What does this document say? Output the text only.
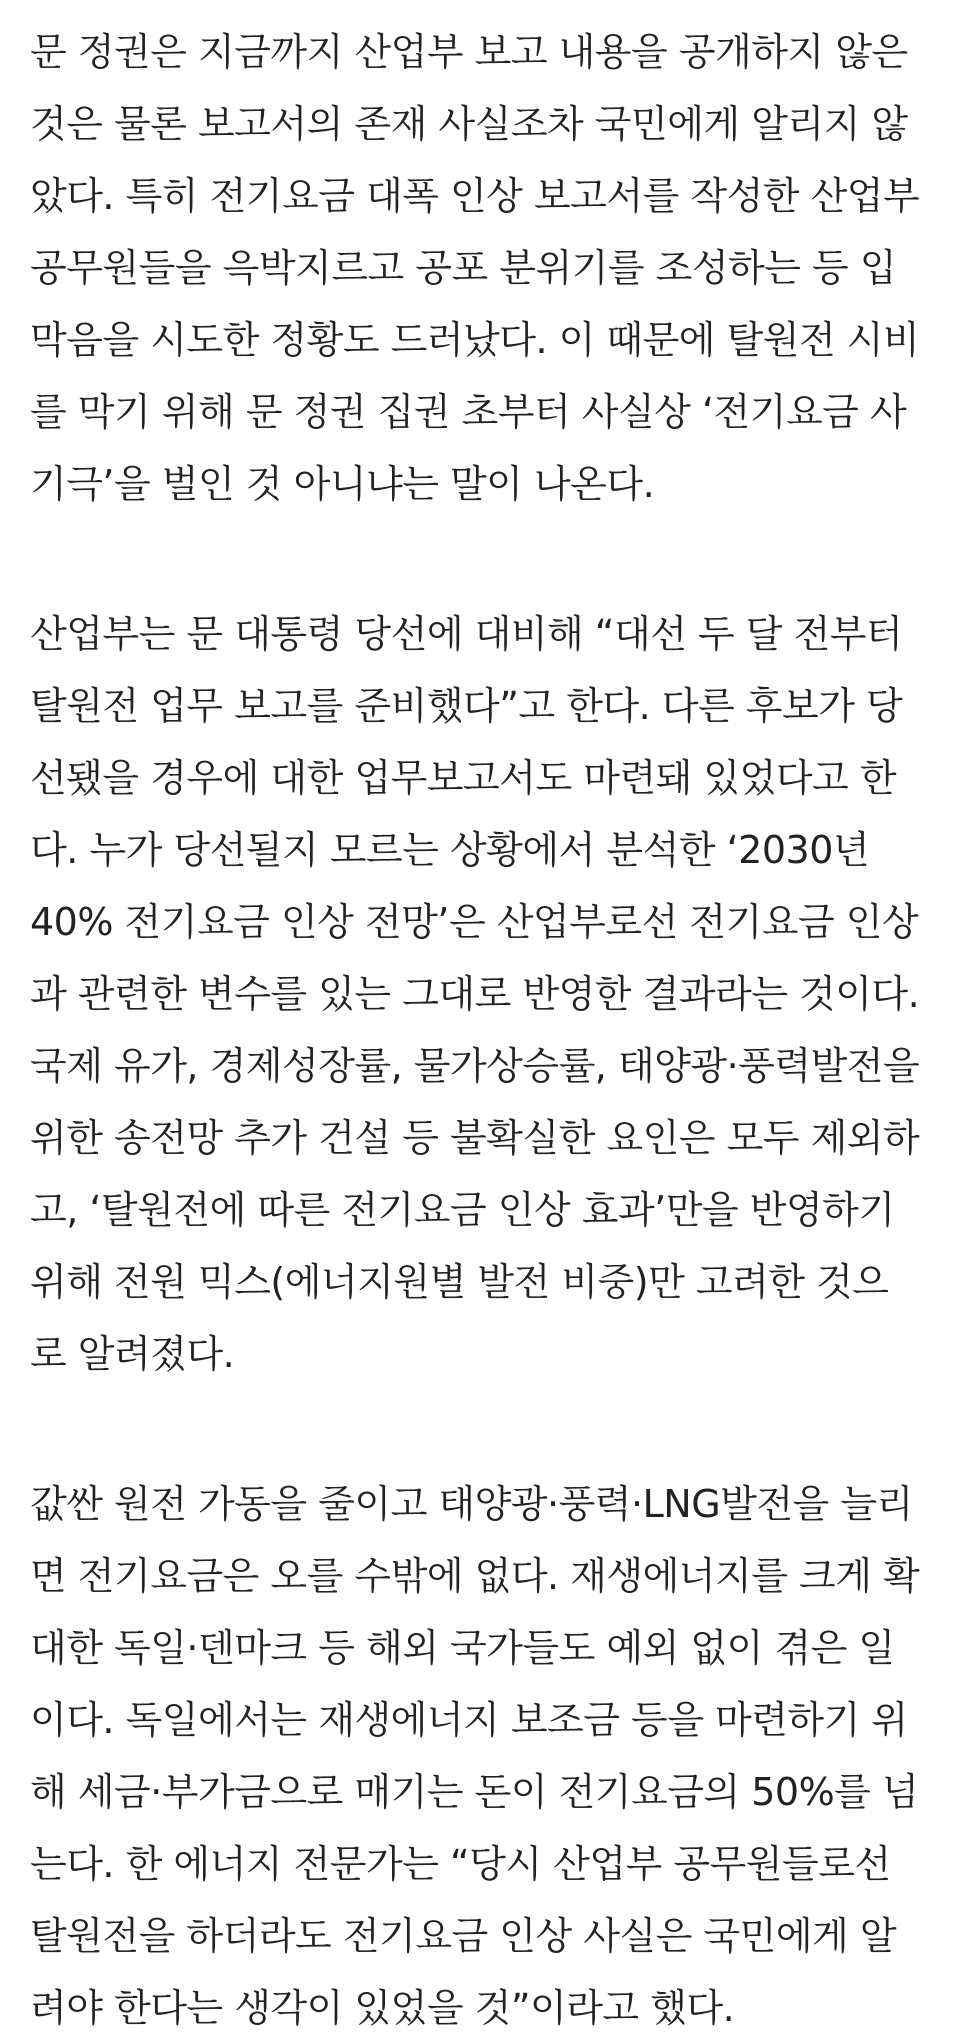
문 정권은 지금까지 산업부 보고 내용을 공개하지 않은
것은 물론 보고서의 존재 사실조차 국민에게 알리지 않
았다. 특히 전기요금 대폭 인상 보고서를 작성한 산업부
공무원들을 윽박지르고 공포 분위기를 조성하는 등 입
막음을 시도한 정황도 드러났다. 이 때문에 탈원전 시비
를 막기 위해 문 정권 집권 초부터 사실상 ‘전기요금 사
기극’을 벌인 것 아니냐는 말이 나온다.
산업부는 문 대통령 당선에 대비해 “대선 두 달 전부터
탈원전 업무 보고를 준비했다”고 한다. 다른 후보가 당
선됐을 경우에 대한 업무보고서도 마련돼 있었다고 한
다. 누가 당선될지 모르는 상황에서 분석한 ‘2030년
40% 전기요금 인상 전망’은 산업부로선 전기요금 인상
과 관련한 변수를 있는 그대로 반영한 결과라는 것이다.
국제 유가, 경제성장률, 물가상승률, 태양광·풍력발전을
위한 송전망 추가 건설 등 불확실한 요인은 모두 제외하
고, ‘탈원전에 따른 전기요금 인상 효과’만을 반영하기
위해 전원 믹스(에너지원별 발전 비중)만 고려한 것으
로 알려졌다.
값싼 원전 가동을 줄이고 태양광·풍력·LNG발전을 늘리
면 전기요금은 오를 수밖에 없다. 재생에너지를 크게 확
대한 독일·덴마크 등 해외 국가들도 예외 없이 겪은 일
이다. 독일에서는 재생에너지 보조금 등을 마련하기 위
해 세금·부가금으로 매기는 돈이 전기요금의 50%를 넘
는다. 한 에너지 전문가는 “당시 산업부 공무원들로선
탈원전을 하더라도 전기요금 인상 사실은 국민에게 알
려야 한다는 생각이 있었을 것”이라고 했다.
